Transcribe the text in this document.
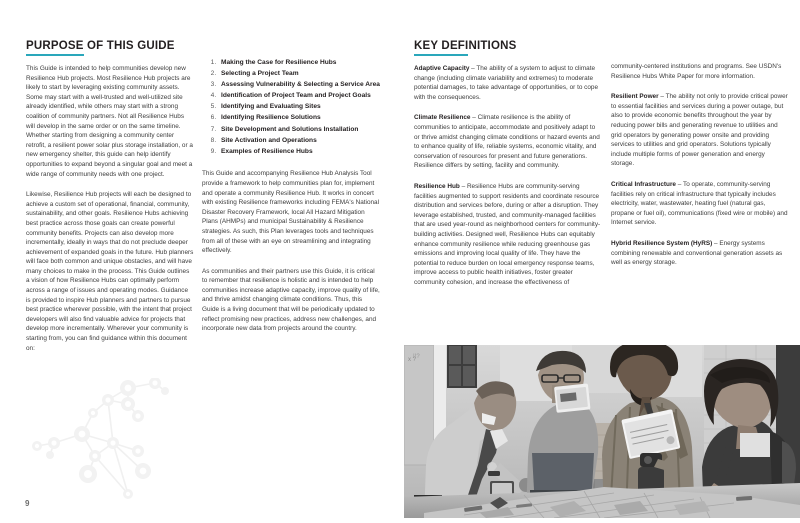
PURPOSE OF THIS GUIDE

This Guide is intended to help communities develop new Resilience Hub projects. Most Resilience Hub projects are likely to start by leveraging existing community assets. Some may start with a well-trusted and well-utilized site already identified, while others may start with a strong coalition of community partners. Not all Resilience Hubs will develop in the same order or on the same timeline. Whether starting from designing a community center retrofit, a resilient power solar plus storage installation, or a new emergency shelter, this guide can help identify opportunities to expand beyond a singular goal and meet a wide range of community needs with one project.

Likewise, Resilience Hub projects will each be designed to achieve a custom set of operational, financial, community, sustainability, and other goals. Resilience Hubs achieving best practice across those goals can create powerful community benefits. Projects can also develop more incrementally, ideally in ways that do not preclude deeper achievement of expanded goals in the future. Hub planners will face both common and unique obstacles, and will have many choices to make in the process. This Guide outlines a vision of how Resilience Hubs can optimally perform across a range of issues and operating modes. Guidance is provided to inspire Hub planners and partners to pursue best practice wherever possible, with the intent that project developers will also find valuable advice for projects that develop more incrementally. Wherever your community is starting from, you can find guidance within this document on:

1. Making the Case for Resilience Hubs
2. Selecting a Project Team
3. Assessing Vulnerability & Selecting a Service Area
4. Identification of Project Team and Project Goals
5. Identifying and Evaluating Sites
6. Identifying Resilience Solutions
7. Site Development and Solutions Installation
8. Site Activation and Operations
9. Examples of Resilience Hubs

This Guide and accompanying Resilience Hub Analysis Tool provide a framework to help communities plan for, implement and operate a community Resilience Hub. It works in concert with existing Resilience frameworks including FEMA's National Disaster Recovery Framework, local All Hazard Mitigation Plans (AHMPs) and municipal Sustainability & Resilience strategies. As such, this Plan leverages tools and techniques from all of these with an eye on streamlining and integrating effectively.

As communities and their partners use this Guide, it is critical to remember that resilience is holistic and is intended to help communities increase adaptive capacity, improve quality of life, and thrive amidst changing climate conditions. Thus, this Guide is a living document that will be periodically updated to reflect promising new practices, address new challenges, and incorporate new data from projects around the country.

KEY DEFINITIONS

Adaptive Capacity – The ability of a system to adjust to climate change (including climate variability and extremes) to moderate potential damages, to take advantage of opportunities, or to cope with the consequences.

Climate Resilience – Climate resilience is the ability of communities to anticipate, accommodate and positively adapt to or thrive amidst changing climate conditions or hazard events and to enhance quality of life, reliable systems, economic vitality, and conservation of resources for present and future generations. Resilience differs by setting, facility and community.

Resilience Hub – Resilience Hubs are community-serving facilities augmented to support residents and coordinate resource distribution and services before, during or after a disruption. They leverage established, trusted, and community-managed facilities that are used year-round as neighborhood centers for community-building activities. Designed well, Resilience Hubs can equitably enhance community resilience while reducing greenhouse gas emissions and improving local quality of life. They have the potential to reduce burden on local emergency response teams, improve access to public health initiatives, foster greater community cohesion, and increase the effectiveness of

community-centered institutions and programs. See USDN's Resilience Hubs White Paper for more information.

Resilient Power – The ability not only to provide critical power to essential facilities and services during a power outage, but also to provide economic benefits throughout the year by reducing power bills and generating revenue to utilities and grid operators by generating power onsite and providing services to utilities and grid operators. Solutions typically include multiple forms of power generation and energy storage.

Critical Infrastructure – To operate, community-serving facilities rely on critical infrastructure that typically includes electricity, water, wastewater, heating fuel (natural gas, propane or fuel oil), communications (fixed wire or mobile) and Internet service.

Hybrid Resilience System (HyRS) – Energy systems combining renewable and conventional generation assets as well as energy storage.

x ?
!!?
9
